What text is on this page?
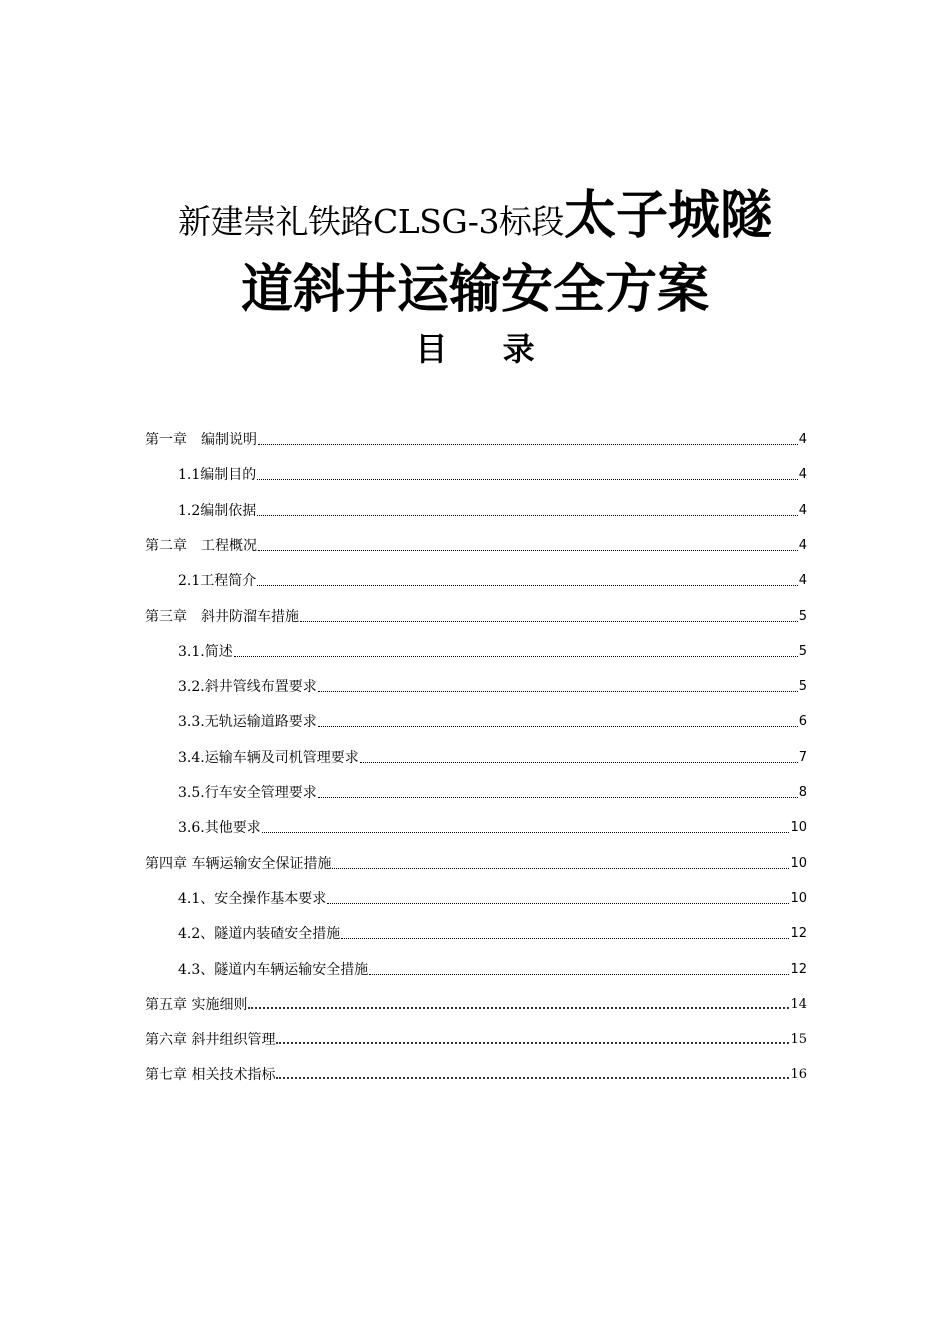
新建崇礼铁路CLSG-3标段太子城隧
道斜井运输安全方案
目 录
第一章　编制说明	4
1.1编制目的	4
1.2编制依据	4
第二章　工程概况	4
2.1工程简介	4
第三章　斜井防溜车措施	5
3.1.简述	5
3.2.斜井管线布置要求	5
3.3.无轨运输道路要求	6
3.4.运输车辆及司机管理要求	7
3.5.行车安全管理要求	8
3.6.其他要求	10
第四章 车辆运输安全保证措施	10
4.1、安全操作基本要求	10
4.2、隧道内装碴安全措施	12
4.3、隧道内车辆运输安全措施	12
第五章 实施细则	14
第六章 斜井组织管理	15
第七章 相关技术指标	16
